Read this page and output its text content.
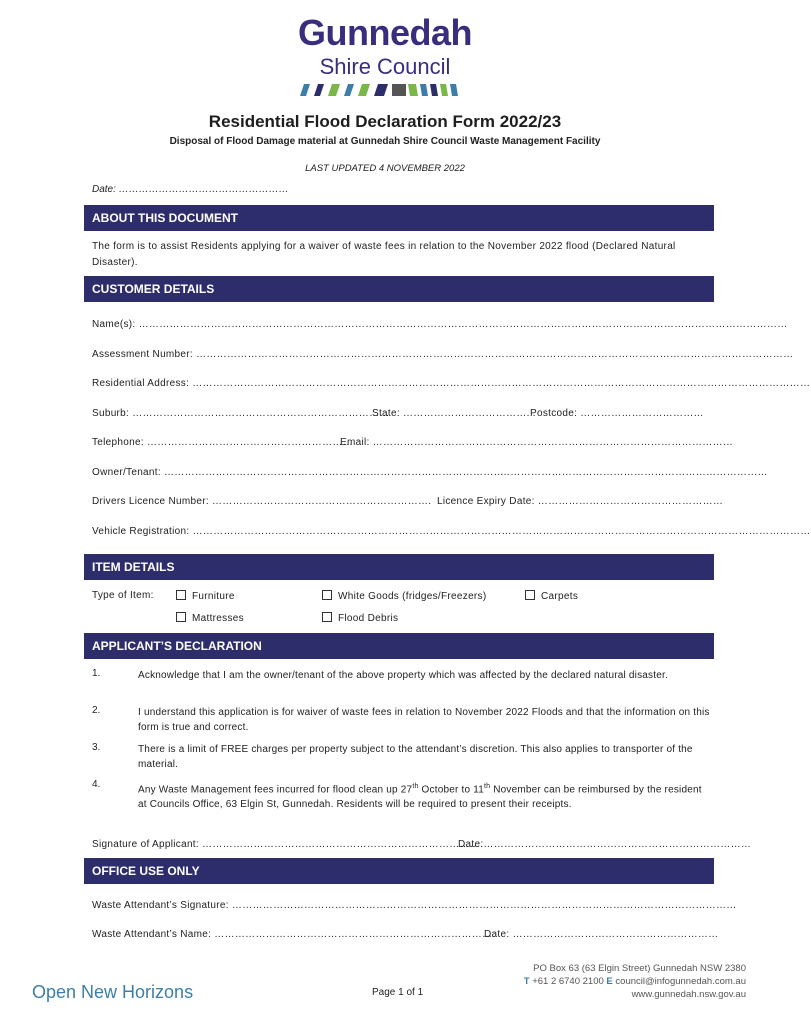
Gunnedah
Shire Council
Residential Flood Declaration Form 2022/23
Disposal of Flood Damage material at Gunnedah Shire Council Waste Management Facility
LAST UPDATED 4 NOVEMBER 2022
Date: ……………………………………………
ABOUT THIS DOCUMENT
The form is to assist Residents applying for a waiver of waste fees in relation to the November 2022 flood (Declared Natural Disaster).
CUSTOMER DETAILS
Name(s): ………………………………………………………………………………………………………………………………………………………………………
Assessment Number: …………………………………………………………………………………………………………………………………………………………
Residential Address: ………………………………………………………………………………………………………………………………………………………………
Suburb: …………………………………………………………………
State: ………………………………. .
Postcode: ………………………………
Telephone: ……………………………………………………
Email: ……………………………………………………………………………………………
Owner/Tenant: ………………………………………………………………………………………
……………………………………………………………………
Drivers Licence Number: ………………………………………………………. Licence Expiry Date: ………………………………………………
Vehicle Registration: ………………………………………………………………………………………………………………………………………………………………
ITEM DETAILS
Type of Item:	Furniture	White Goods (fridges/Freezers)	Carpets
Mattresses	Flood Debris
APPLICANT’S DECLARATION
1.	Acknowledge that I am the owner/tenant of the above property which was affected by the declared natural disaster.
2.	I understand this application is for waiver of waste fees in relation to November 2022 Floods and that the information on this form is true and correct.
3.	There is a limit of FREE charges per property subject to the attendant’s discretion. This also applies to transporter of the material.
4.	Any Waste Management fees incurred for flood clean up 27th October to 11th November can be reimbursed by the resident at Councils Office, 63 Elgin St, Gunnedah. Residents will be required to present their receipts.
Signature of Applicant: ……………………………………………………………………….
Date:……………………………………………………………………
OFFICE USE ONLY
Waste Attendant’s Signature: …………………………………………………………………………………………………………………………………
Waste Attendant’s Name: ……………………………………………………………………….
Date: ……………………………………………………
Open New Horizons	Page 1 of 1
PO Box 63 (63 Elgin Street) Gunnedah NSW 2380
T +61 2 6740 2100 E council@infogunnedah.com.au
www.gunnedah.nsw.gov.au
